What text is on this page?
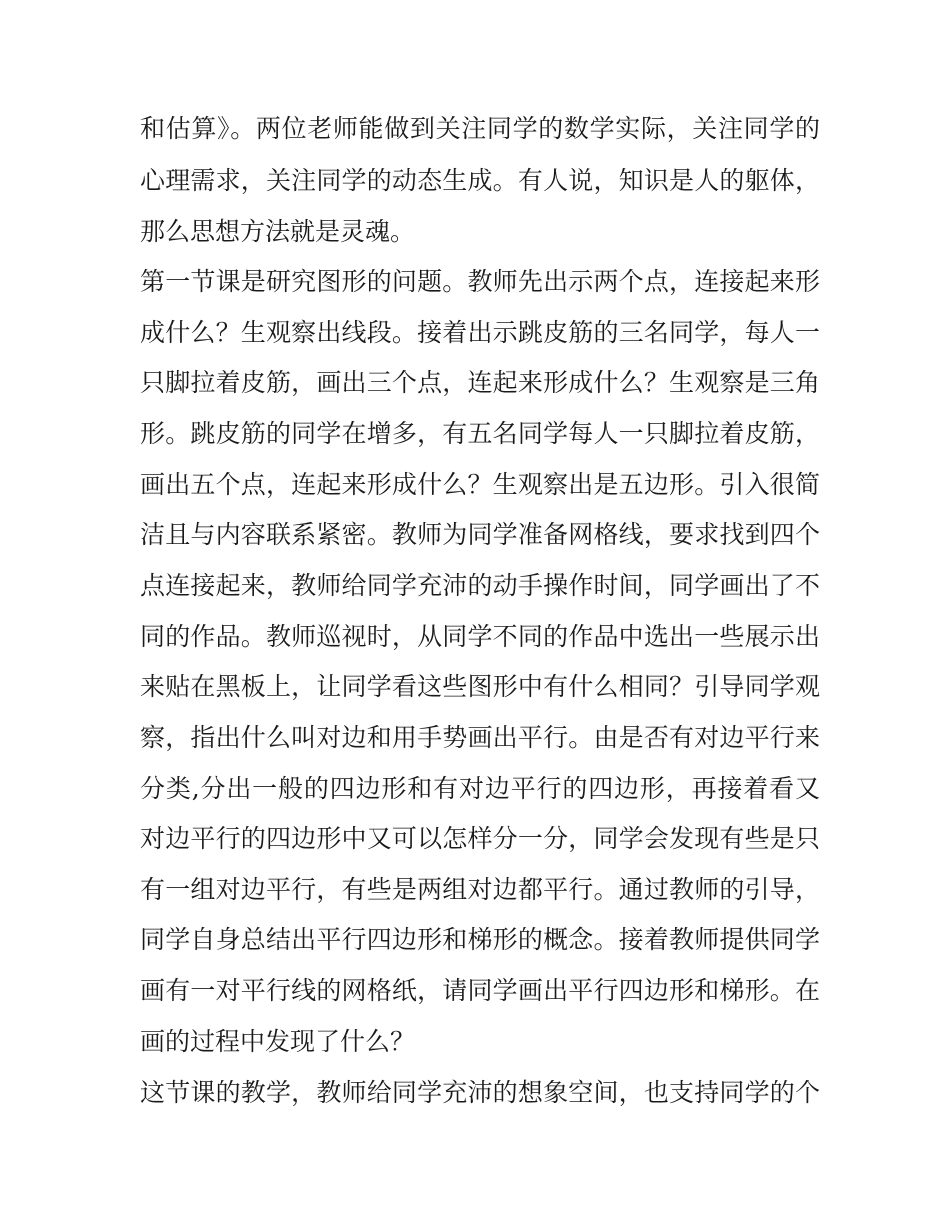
和估算》。两位老师能做到关注同学的数学实际，关注同学的
心理需求，关注同学的动态生成。有人说，知识是人的躯体，
那么思想方法就是灵魂。
第一节课是研究图形的问题。教师先出示两个点，连接起来形
成什么？生观察出线段。接着出示跳皮筋的三名同学，每人一
只脚拉着皮筋，画出三个点，连起来形成什么？生观察是三角
形。跳皮筋的同学在增多，有五名同学每人一只脚拉着皮筋，
画出五个点，连起来形成什么？生观察出是五边形。引入很简
洁且与内容联系紧密。教师为同学准备网格线，要求找到四个
点连接起来，教师给同学充沛的动手操作时间，同学画出了不
同的作品。教师巡视时，从同学不同的作品中选出一些展示出
来贴在黑板上，让同学看这些图形中有什么相同？引导同学观
察，指出什么叫对边和用手势画出平行。由是否有对边平行来
分类,分出一般的四边形和有对边平行的四边形，再接着看又
对边平行的四边形中又可以怎样分一分，同学会发现有些是只
有一组对边平行，有些是两组对边都平行。通过教师的引导，
同学自身总结出平行四边形和梯形的概念。接着教师提供同学
画有一对平行线的网格纸，请同学画出平行四边形和梯形。在
画的过程中发现了什么？
这节课的教学，教师给同学充沛的想象空间，也支持同学的个
